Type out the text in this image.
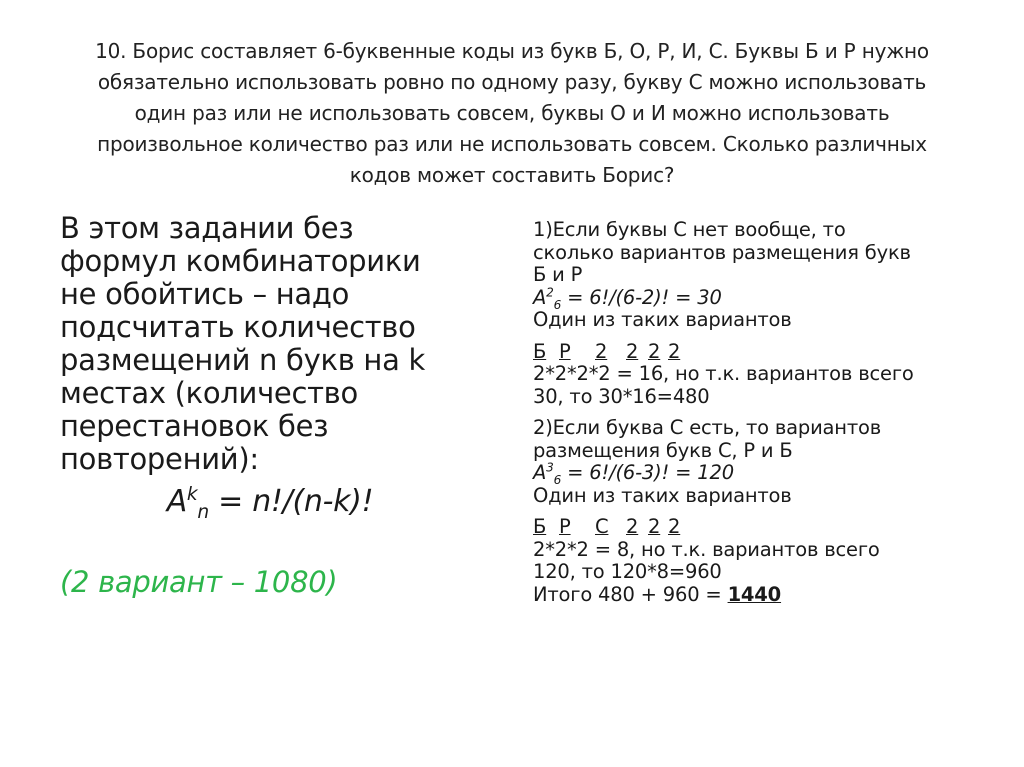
10. Борис составляет 6-буквенные коды из букв Б, О, Р, И, С. Буквы Б и Р нужно
обязательно использовать ровно по одному разу, букву С можно использовать
один раз или не использовать совсем, буквы О и И можно использовать
произвольное количество раз или не использовать совсем. Сколько различных
кодов может составить Борис?
В этом задании без
формул комбинаторики
не обойтись – надо
подсчитать количество
размещений n букв на k
местах (количество
перестановок без
повторений):
$A^k_n = n!/(n-k)$!
(2 вариант – 1080)
1)Если буквы С нет вообще, то
сколько вариантов размещения букв
Б и Р
$A^2_6 = 6!/(6-2)$! = 30
Один из таких вариантов
Б Р 2 2 2 2
2*2*2*2 = 16, но т.к. вариантов всего
30, то 30*16=480
2)Если буква С есть, то вариантов
размещения букв С, Р и Б
$A^3_6 = 6!/(6-3)$! = 120
Один из таких вариантов
Б Р С 2 2 2
2*2*2 = 8, но т.к. вариантов всего
120, то 120*8=960
Итого 480 + 960 = 1440
